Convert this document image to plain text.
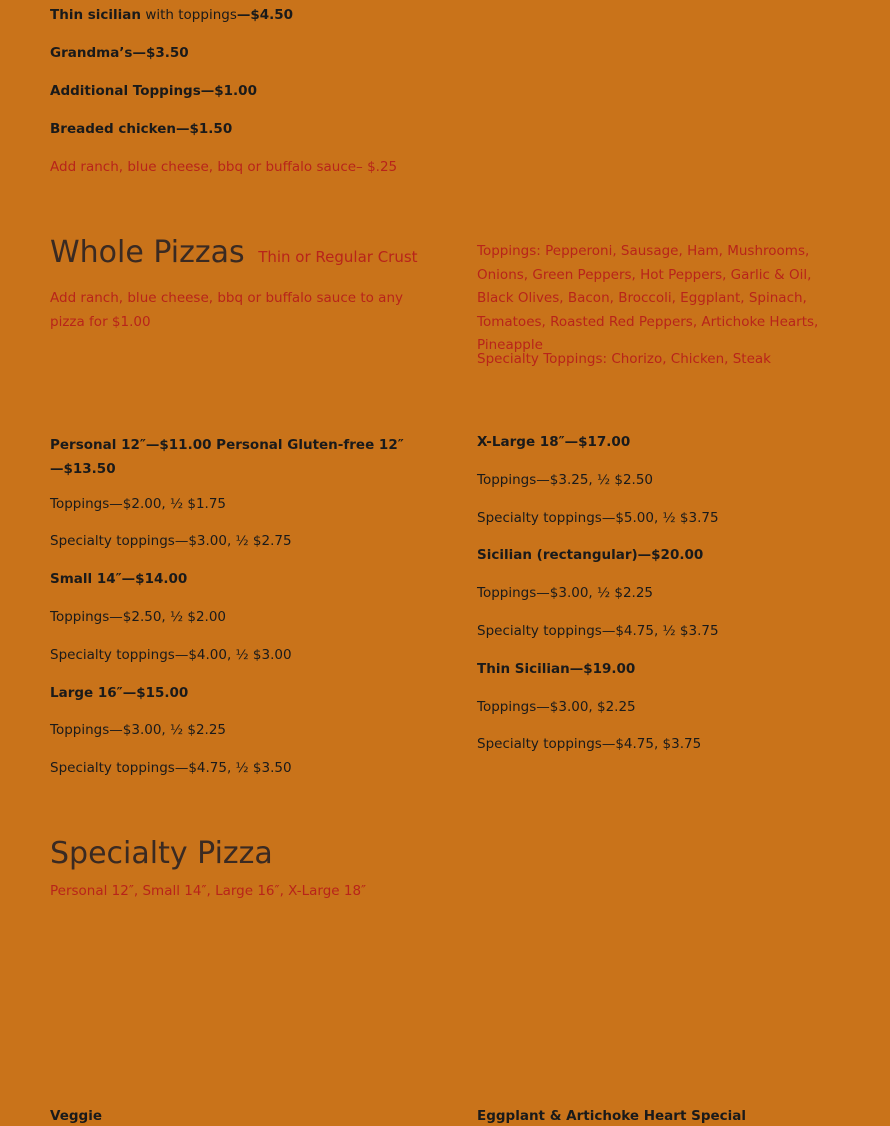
Thin sicilian with toppings—$4.50
Grandma’s—$3.50
Additional Toppings—$1.00
Breaded chicken—$1.50
Add ranch, blue cheese, bbq or buffalo sauce– $.25
Whole Pizzas Thin or Regular Crust
Add ranch, blue cheese, bbq or buffalo sauce to any pizza for $1.00
Toppings: Pepperoni, Sausage, Ham, Mushrooms, Onions, Green Peppers, Hot Peppers, Garlic & Oil, Black Olives, Bacon, Broccoli, Eggplant, Spinach, Tomatoes, Roasted Red Peppers, Artichoke Hearts, Pineapple
Specialty Toppings: Chorizo, Chicken, Steak
Personal 12″—$11.00 Personal Gluten-free 12″—$13.50
Toppings—$2.00, ½ $1.75
Specialty toppings—$3.00, ½ $2.75
Small 14″—$14.00
Toppings—$2.50, ½ $2.00
Specialty toppings—$4.00, ½ $3.00
Large 16″—$15.00
Toppings—$3.00, ½ $2.25
Specialty toppings—$4.75, ½ $3.50
X-Large 18″—$17.00
Toppings—$3.25, ½ $2.50
Specialty toppings—$5.00, ½ $3.75
Sicilian (rectangular)—$20.00
Toppings—$3.00, ½ $2.25
Specialty toppings—$4.75, ½ $3.75
Thin Sicilian—$19.00
Toppings—$3.00, $2.25
Specialty toppings—$4.75, $3.75
Specialty Pizza
Personal 12″, Small 14″, Large 16″, X-Large 18″
Veggie	Eggplant & Artichoke Heart Special
